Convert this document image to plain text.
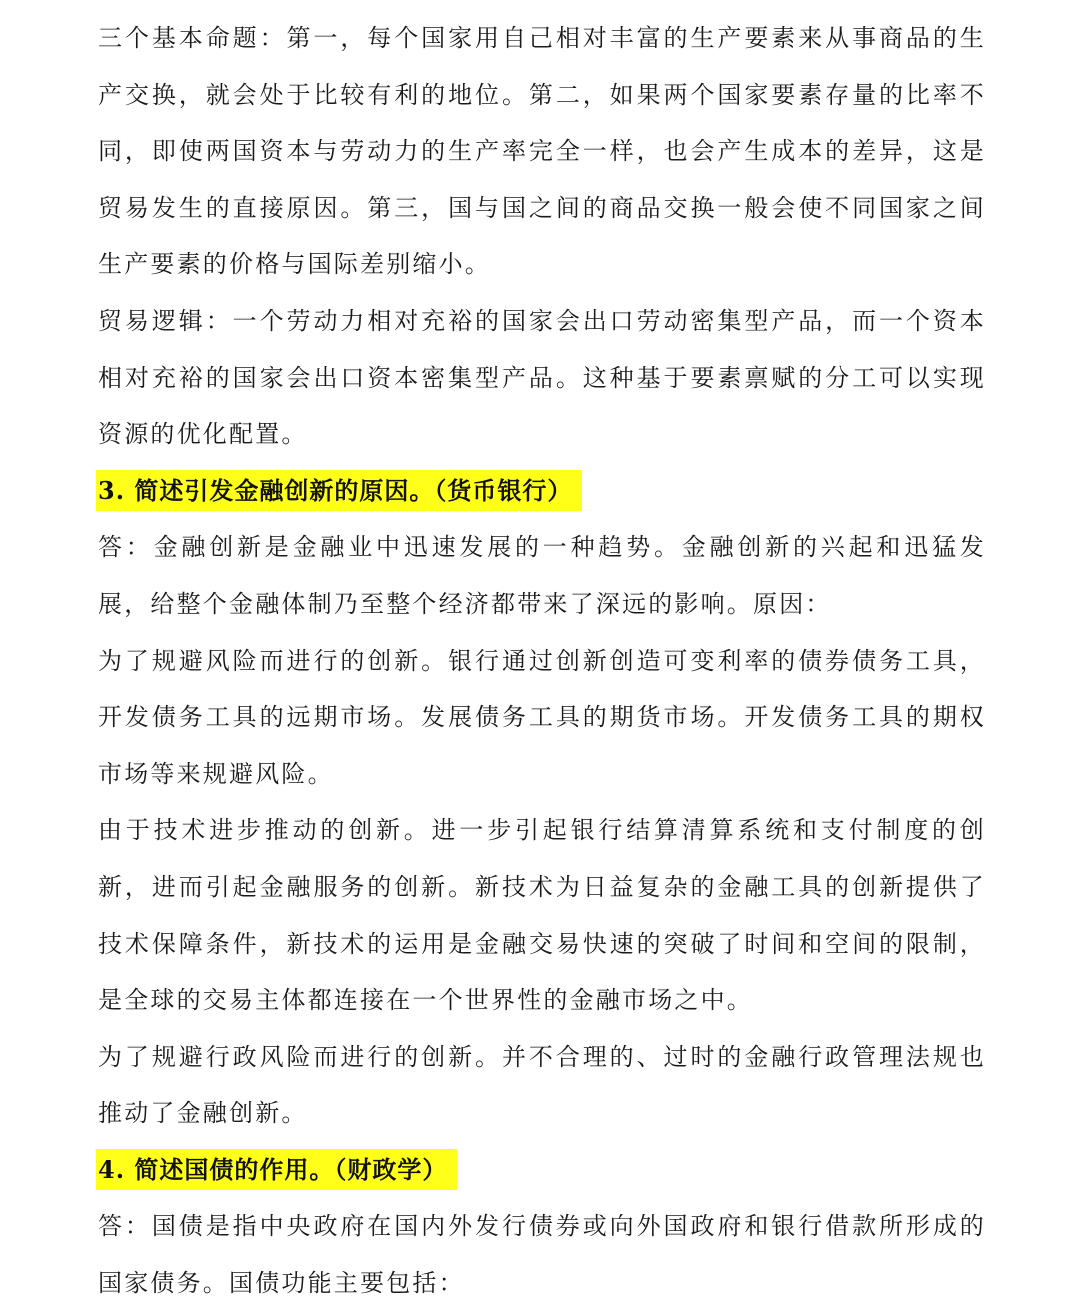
三个基本命题：第一，每个国家用自己相对丰富的生产要素来从事商品的生产交换，就会处于比较有利的地位。第二，如果两个国家要素存量的比率不同，即使两国资本与劳动力的生产率完全一样，也会产生成本的差异，这是贸易发生的直接原因。第三，国与国之间的商品交换一般会使不同国家之间生产要素的价格与国际差别缩小。

贸易逻辑：一个劳动力相对充裕的国家会出口劳动密集型产品，而一个资本相对充裕的国家会出口资本密集型产品。这种基于要素禀赋的分工可以实现资源的优化配置。

3. 简述引发金融创新的原因。（货币银行）

答：金融创新是金融业中迅速发展的一种趋势。金融创新的兴起和迅猛发展，给整个金融体制乃至整个经济都带来了深远的影响。原因：

为了规避风险而进行的创新。银行通过创新创造可变利率的债券债务工具，开发债务工具的远期市场。发展债务工具的期货市场。开发债务工具的期权市场等来规避风险。

由于技术进步推动的创新。进一步引起银行结算清算系统和支付制度的创新，进而引起金融服务的创新。新技术为日益复杂的金融工具的创新提供了技术保障条件，新技术的运用是金融交易快速的突破了时间和空间的限制，是全球的交易主体都连接在一个世界性的金融市场之中。

为了规避行政风险而进行的创新。并不合理的、过时的金融行政管理法规也推动了金融创新。

4. 简述国债的作用。（财政学）

答：国债是指中央政府在国内外发行债券或向外国政府和银行借款所形成的国家债务。国债功能主要包括：
